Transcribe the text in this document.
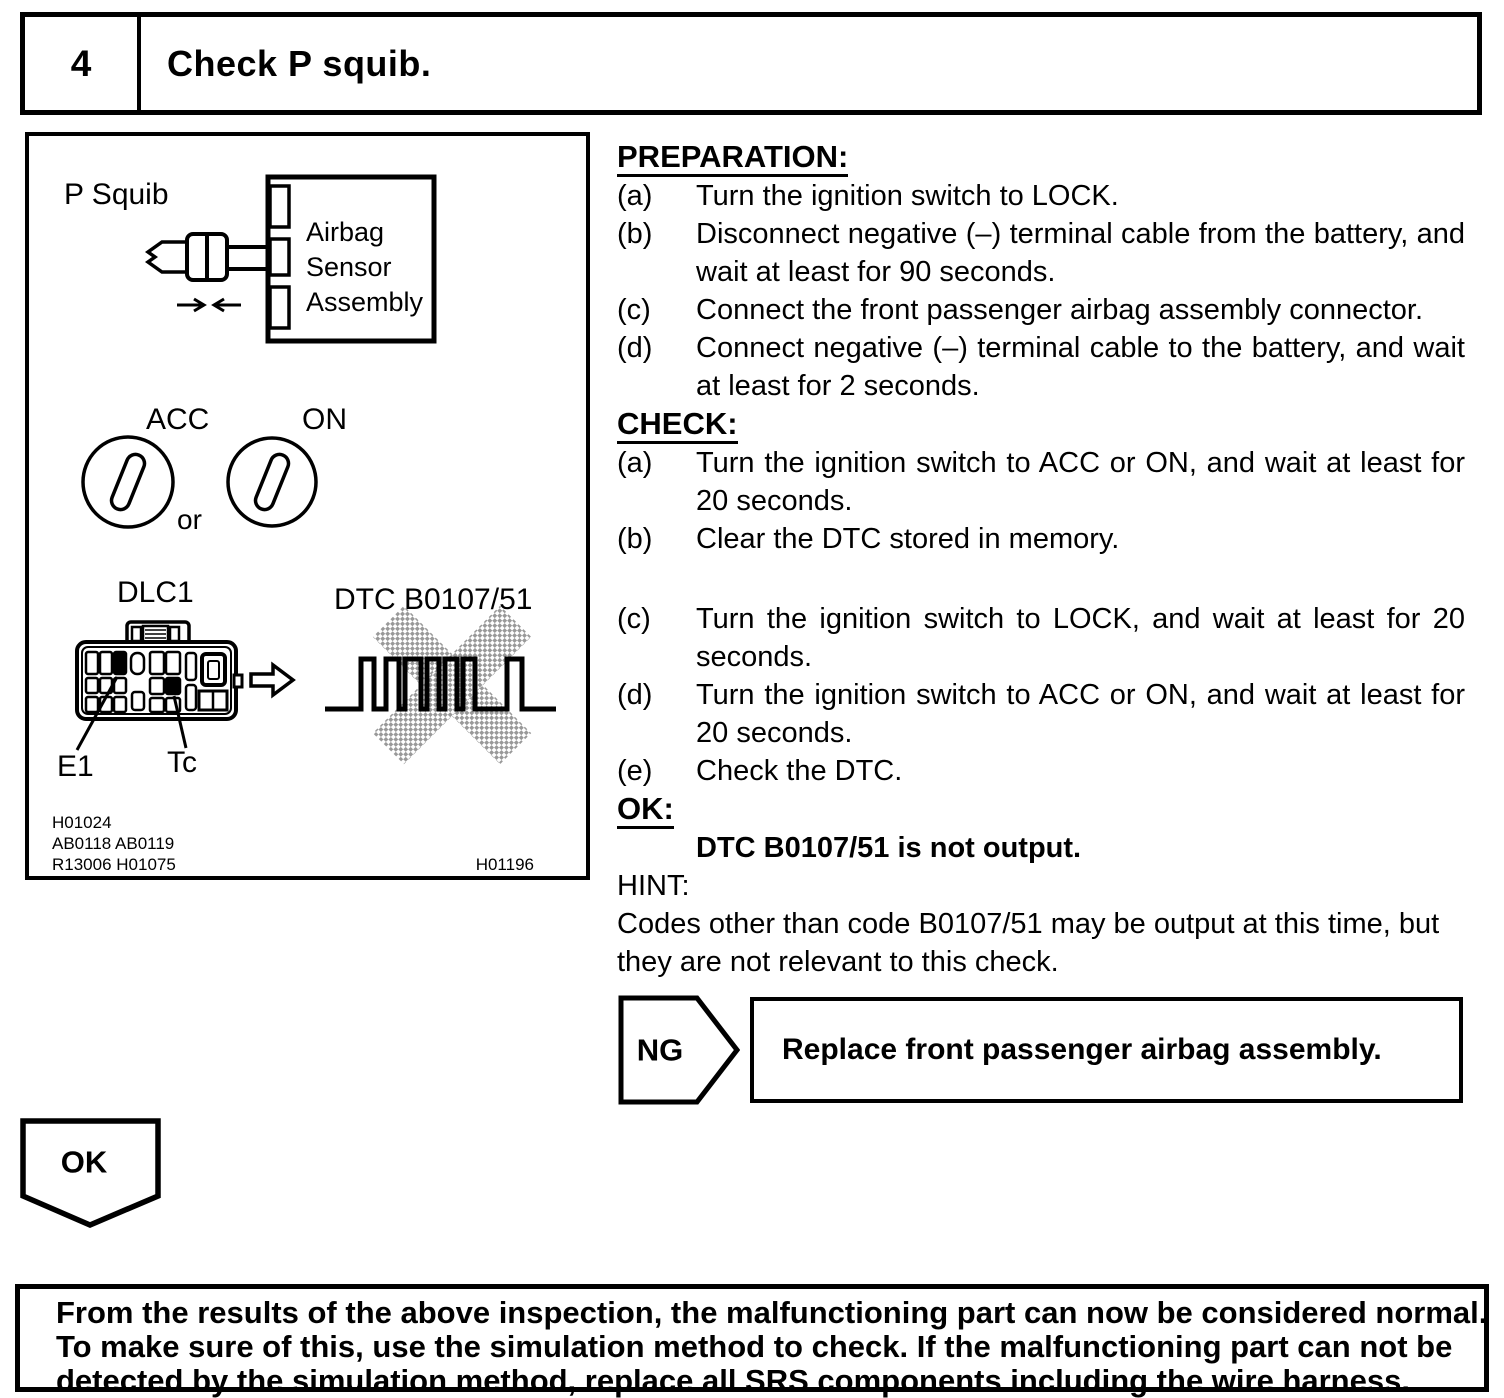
4	Check P squib.
P Squib
Airbag
Sensor
Assembly
ACC	ON
or
DLC1	DTC B0107/51
E1 Tc
H01024
AB0118 AB0119
R13006 H01075	H01196
PREPARATION:
(a)	Turn the ignition switch to LOCK.
(b)	Disconnect negative (–) terminal cable from the battery, and wait at least for 90 seconds.
(c)	Connect the front passenger airbag assembly connector.
(d)	Connect negative (–) terminal cable to the battery, and wait at least for 2 seconds.
CHECK:
(a)	Turn the ignition switch to ACC or ON, and wait at least for 20 seconds.
(b)	Clear the DTC stored in memory.
(c)	Turn the ignition switch to LOCK, and wait at least for 20 seconds.
(d)	Turn the ignition switch to ACC or ON, and wait at least for 20 seconds.
(e)	Check the DTC.
OK:
DTC B0107/51 is not output.
HINT:
Codes other than code B0107/51 may be output at this time, but they are not relevant to this check.
NG	Replace front passenger airbag assembly.
OK
From the results of the above inspection, the malfunctioning part can now be considered normal.
To make sure of this, use the simulation method to check. If the malfunctioning part can not be
detected by the simulation method, replace all SRS components including the wire harness.
